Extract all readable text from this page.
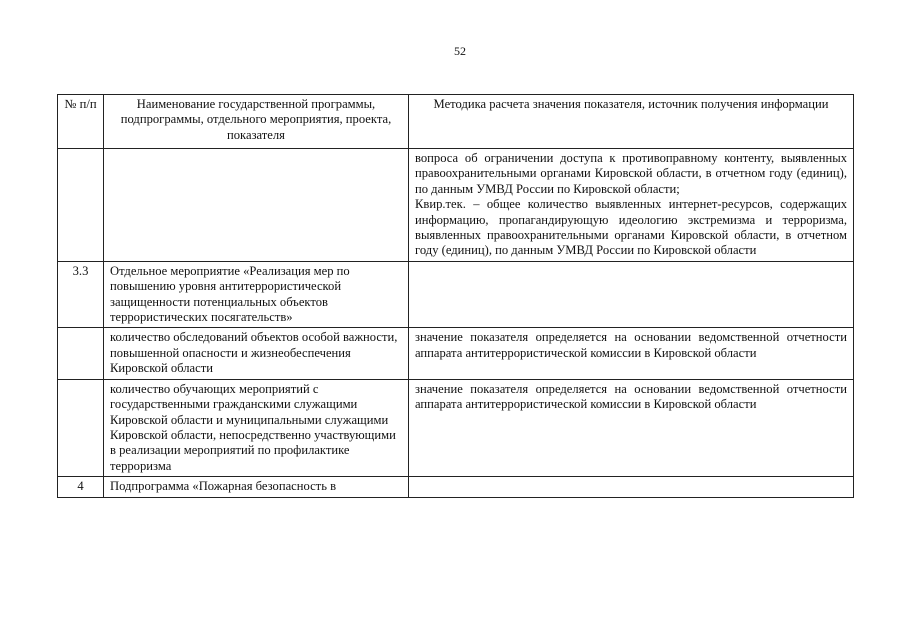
52
№ п/п	Наименование государственной программы, подпрограммы, отдельного мероприятия, проекта, показателя	Методика расчета значения показателя, источник получения информации

		вопроса об ограничении доступа к противоправному контенту, выявленных правоохранительными органами Кировской области, в отчетном году (единиц), по данным УМВД России по Кировской области;
Квир.тек. – общее количество выявленных интернет-ресурсов, содержащих информацию, пропагандирующую идеологию экстремизма и терроризма, выявленных правоохранительными органами Кировской области, в отчетном году (единиц), по данным УМВД России по Кировской области

3.3	Отдельное мероприятие «Реализация мер по повышению уровня антитеррористической защищенности потенциальных объектов террористических посягательств»	
	количество обследований объектов особой важности, повышенной опасности и жизнеобеспечения Кировской области	значение показателя определяется на основании ведомственной отчетности аппарата антитеррористической комиссии в Кировской области
	количество обучающих мероприятий с государственными гражданскими служащими Кировской области и муниципальными служащими Кировской области, непосредственно участвующими в реализации мероприятий по профилактике терроризма	значение показателя определяется на основании ведомственной отчетности аппарата антитеррористической комиссии в Кировской области
4	Подпрограмма «Пожарная безопасность в	
